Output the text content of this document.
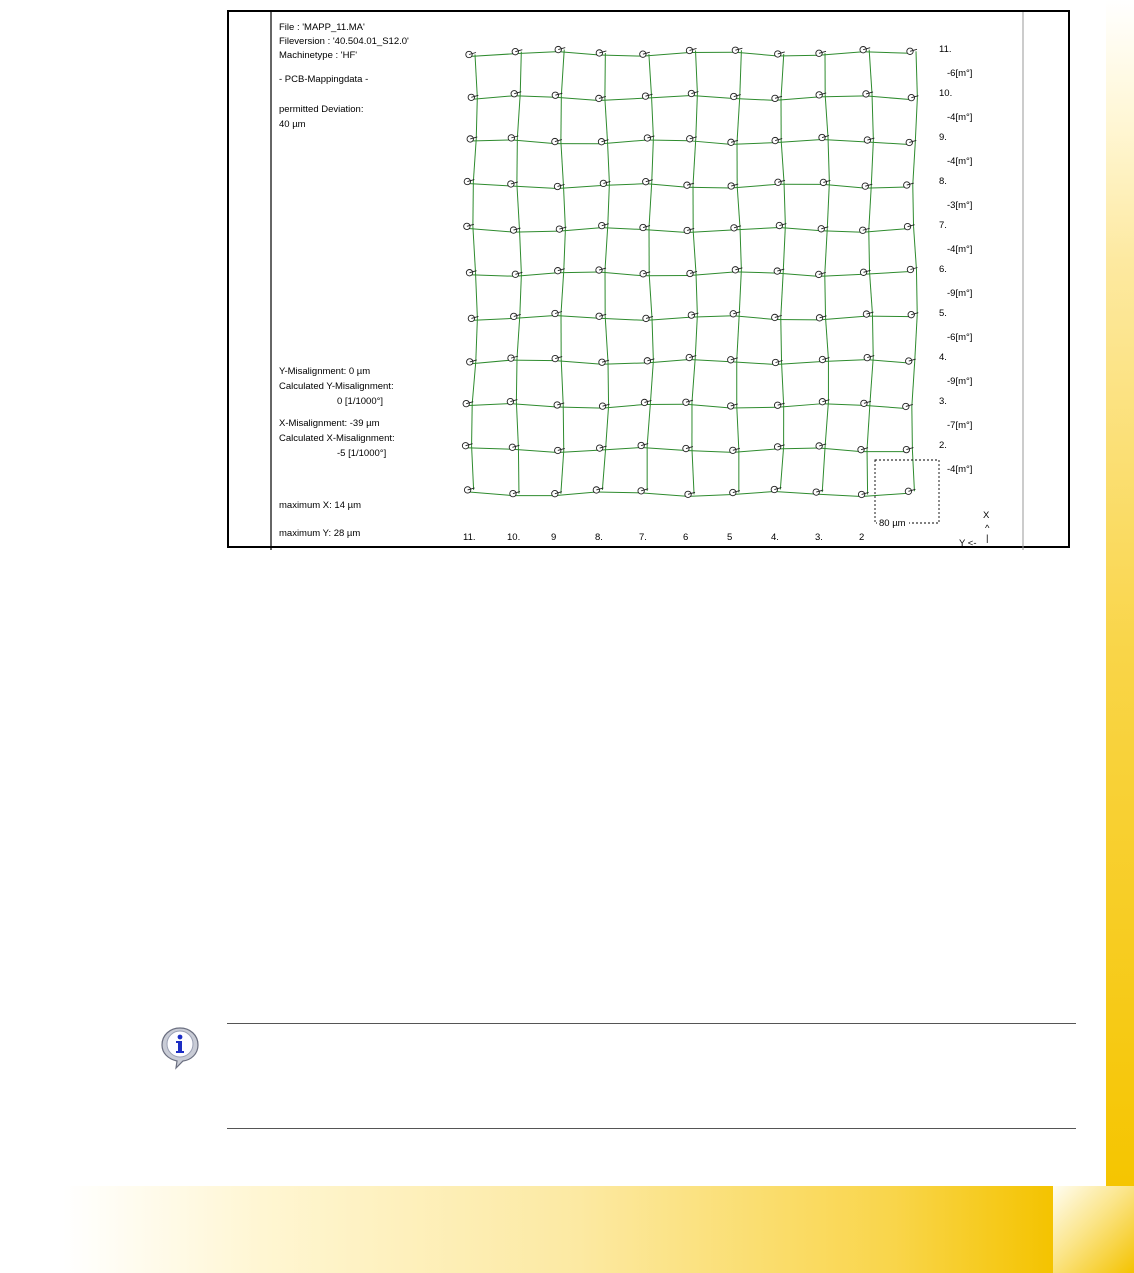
File : 'MAPP_11.MA'
Fileversion : '40.504.01_S12.0'
Machinetype : 'HF'
- PCB-Mappingdata -
permitted Deviation:
40 µm
Y-Misalignment: 0 µm
Calculated Y-Misalignment:
0 [1/1000°]
X-Misalignment: -39 µm
Calculated X-Misalignment:
-5 [1/1000°]
maximum X: 14 µm
maximum Y: 28 µm
11.
-6[m°]
10.
-4[m°]
9.
-4[m°]
8.
-3[m°]
7.
-4[m°]
6.
-9[m°]
5.
-6[m°]
4.
-9[m°]
3.
-7[m°]
2.
-4[m°]
11.	10.	9	8.	7.	6	5	4.	3.	2
80 µm
X
^
Y <- |
